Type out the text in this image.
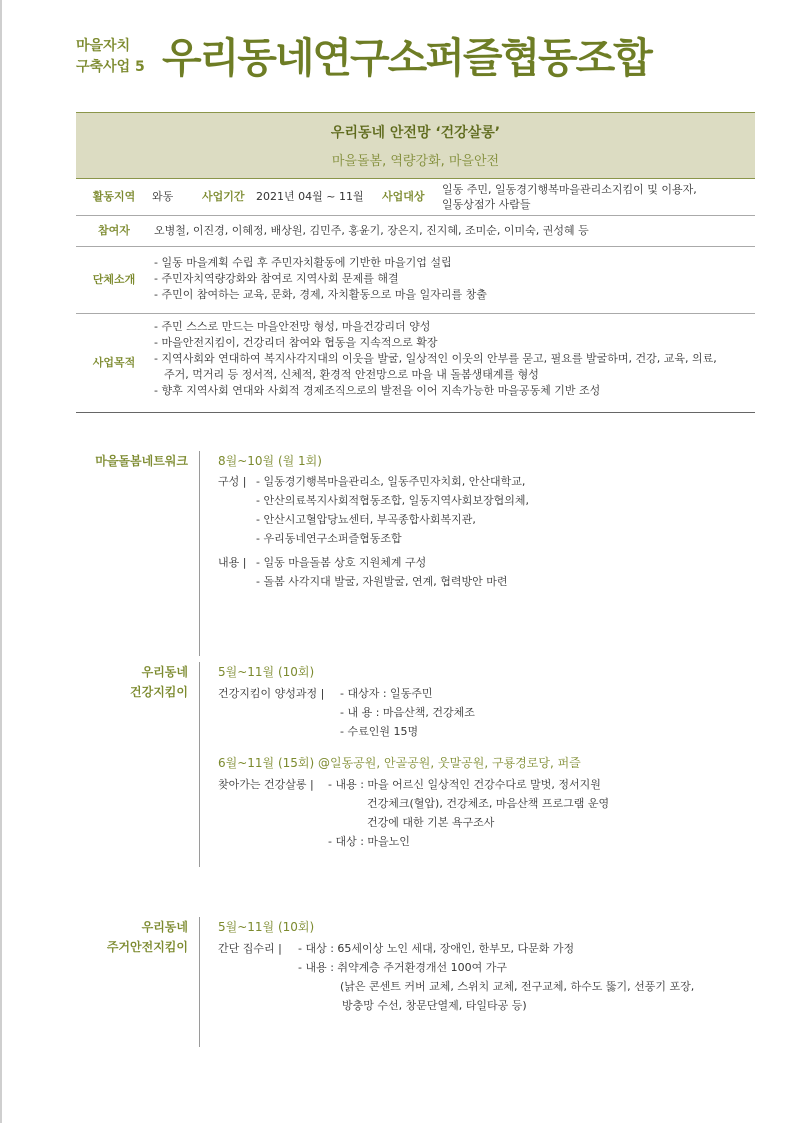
마을자치
구축사업 5 우리동네연구소퍼즐협동조합
우리동네 안전망 ‘건강살롱’
마을돌봄, 역량강화, 마을안전
활동지역	와동	사업기간	2021년 04월 ~ 11월	사업대상
일동 주민, 일동경기행복마을관리소지킴이 및 이용자,
일동상점가 사람들
참여자	오병철, 이진경, 이혜정, 배상원, 김민주, 홍윤기, 장은지, 진지혜, 조미순, 이미숙, 권성혜 등
단체소개
- 일동 마을계획 수립 후 주민자치활동에 기반한 마을기업 설립
- 주민자치역량강화와 참여로 지역사회 문제를 해결
- 주민이 참여하는 교육, 문화, 경제, 자치활동으로 마을 일자리를 창출
사업목적
- 주민 스스로 만드는 마을안전망 형성, 마을건강리더 양성
- 마을안전지킴이, 건강리더 참여와 협동을 지속적으로 확장
- 지역사회와 연대하여 복지사각지대의 이웃을 발굴, 일상적인 이웃의 안부를 묻고, 필요를 발굴하며, 건강, 교육, 의료,
주거, 먹거리 등 정서적, 신체적, 환경적 안전망으로 마을 내 돌봄생태계를 형성
- 향후 지역사회 연대와 사회적 경제조직으로의 발전을 이어 지속가능한 마을공동체 기반 조성
마을돌봄네트워크	8월~10월 (월 1회)
구성 | - 일동경기행복마을관리소, 일동주민자치회, 안산대학교,
- 안산의료복지사회적협동조합, 일동지역사회보장협의체,
- 안산시고혈압당뇨센터, 부곡종합사회복지관,
- 우리동네연구소퍼즐협동조합
내용 | - 일동 마을돌봄 상호 지원체계 구성
- 돌봄 사각지대 발굴, 자원발굴, 연계, 협력방안 마련
우리동네
건강지킴이
5월~11월 (10회)
건강지킴이 양성과정 | - 대상자 : 일동주민
- 내 용 : 마음산책, 건강체조
- 수료인원 15명
6월~11월 (15회) @일동공원, 안골공원, 웃말공원, 구룡경로당, 퍼즐
찾아가는 건강살롱 | - 내용 : 마을 어르신 일상적인 건강수다로 말벗, 정서지원
건강체크(혈압), 건강체조, 마음산책 프로그램 운영
건강에 대한 기본 욕구조사
- 대상 : 마을노인
우리동네
주거안전지킴이
5월~11월 (10회)
간단 집수리 | - 대상 : 65세이상 노인 세대, 장애인, 한부모, 다문화 가정
- 내용 : 취약계층 주거환경개선 100여 가구
(낡은 콘센트 커버 교체, 스위치 교체, 전구교체, 하수도 뚫기, 선풍기 포장,
방충망 수선, 창문단열제, 타일타공 등)
